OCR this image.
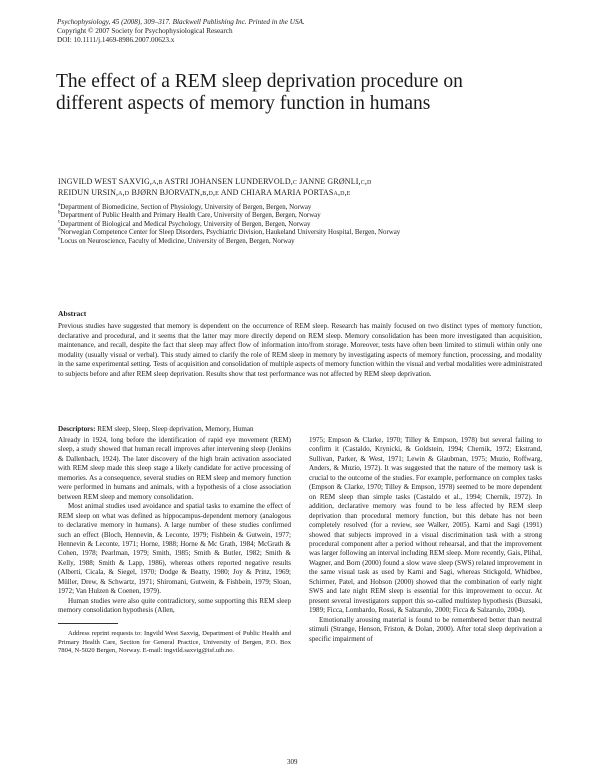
Psychophysiology, 45 (2008), 309–317. Blackwell Publishing Inc. Printed in the USA.
Copyright © 2007 Society for Psychophysiological Research
DOI: 10.1111/j.1469-8986.2007.00623.x
The effect of a REM sleep deprivation procedure on
different aspects of memory function in humans
INGVILD WEST SAXVIG,a,b ASTRI JOHANSEN LUNDERVOLD,c JANNE GRØNLI,c,d
REIDUN URSIN,a,d BJØRN BJORVATN,b,d,e AND CHIARA MARIA PORTASa,d,e
$^a$Department of Biomedicine, Section of Physiology, University of Bergen, Bergen, Norway
$^b$Department of Public Health and Primary Health Care, University of Bergen, Bergen, Norway
$^c$Department of Biological and Medical Psychology, University of Bergen, Bergen, Norway
$^d$Norwegian Competence Center for Sleep Disorders, Psychiatric Division, Haukeland University Hospital, Bergen, Norway
$^e$Locus on Neuroscience, Faculty of Medicine, University of Bergen, Bergen, Norway
Abstract
Previous studies have suggested that memory is dependent on the occurrence of REM sleep. Research has mainly focused on two distinct types of memory function, declarative and procedural, and it seems that the latter may more directly depend on REM sleep. Memory consolidation has been more investigated than acquisition, maintenance, and recall, despite the fact that sleep may affect flow of information into/from storage. Moreover, tests have often been limited to stimuli within only one modality (usually visual or verbal). This study aimed to clarify the role of REM sleep in memory by investigating aspects of memory function, processing, and modality in the same experimental setting. Tests of acquisition and consolidation of multiple aspects of memory function within the visual and verbal modalities were administrated to subjects before and after REM sleep deprivation. Results show that test performance was not affected by REM sleep deprivation.
Descriptors: REM sleep, Sleep, Sleep deprivation, Memory, Human

Already in 1924, long before the identification of rapid eye movement (REM) sleep, a study showed that human recall improves after intervening sleep (Jenkins & Dallenbach, 1924). The later discovery of the high brain activation associated with REM sleep made this sleep stage a likely candidate for active processing of memories. As a consequence, several studies on REM sleep and memory function were performed in humans and animals, with a hypothesis of a close association between REM sleep and memory consolidation.

Most animal studies used avoidance and spatial tasks to examine the effect of REM sleep on what was defined as hippocampus-dependent memory (analogous to declarative memory in humans). A large number of these studies confirmed such an effect (Bloch, Hennevin, & Leconte, 1979; Fishbein & Gutwein, 1977; Hennevin & Leconte, 1971; Horne, 1988; Horne & Mc Grath, 1984; McGrath & Cohen, 1978; Pearlman, 1979; Smith, 1985; Smith & Butler, 1982; Smith & Kelly, 1988; Smith & Lapp, 1986), whereas others reported negative results (Alberti, Cicala, & Siegel, 1970; Dodge & Beatty, 1980; Joy & Prinz, 1969; Müller, Drew, & Schwartz, 1971; Shiromani, Gutwein, & Fishbein, 1979; Sloan, 1972; Van Hulzen & Coenen, 1979).

Human studies were also quite contradictory, some supporting this REM sleep memory consolidation hypothesis (Allen,

1975; Empson & Clarke, 1970; Tilley & Empson, 1978) but several failing to confirm it (Castaldo, Krynicki, & Goldstein, 1994; Chernik, 1972; Ekstrand, Sullivan, Parker, & West, 1971; Lewin & Glaubman, 1975; Muzio, Roffwarg, Anders, & Muzio, 1972). It was suggested that the nature of the memory task is crucial to the outcome of the studies. For example, performance on complex tasks (Empson & Clarke, 1970; Tilley & Empson, 1978) seemed to be more dependent on REM sleep than simple tasks (Castaldo et al., 1994; Chernik, 1972). In addition, declarative memory was found to be less affected by REM sleep deprivation than procedural memory function, but this debate has not been completely resolved (for a review, see Walker, 2005). Karni and Sagi (1991) showed that subjects improved in a visual discrimination task with a strong procedural component after a period without rehearsal, and that the improvement was larger following an interval including REM sleep. More recently, Gais, Plihal, Wagner, and Born (2000) found a slow wave sleep (SWS) related improvement in the same visual task as used by Karni and Sagi, whereas Stickgold, Whidbee, Schirmer, Patel, and Hobson (2000) showed that the combination of early night SWS and late night REM sleep is essential for this improvement to occur. At present several investigators support this so-called multistep hypothesis (Buzsaki, 1989; Ficca, Lombardo, Rossi, & Salzarulo, 2000; Ficca & Salzarulo, 2004).

Emotionally arousing material is found to be remembered better than neutral stimuli (Strange, Henson, Friston, & Dolan, 2000). After total sleep deprivation a specific impairment of

Address reprint requests to: Ingvild West Saxvig, Department of Public Health and Primary Health Care, Section for General Practice, University of Bergen, P.O. Box 7804, N-5020 Bergen, Norway. E-mail: ingvild.saxvig@isf.uib.no.

309
